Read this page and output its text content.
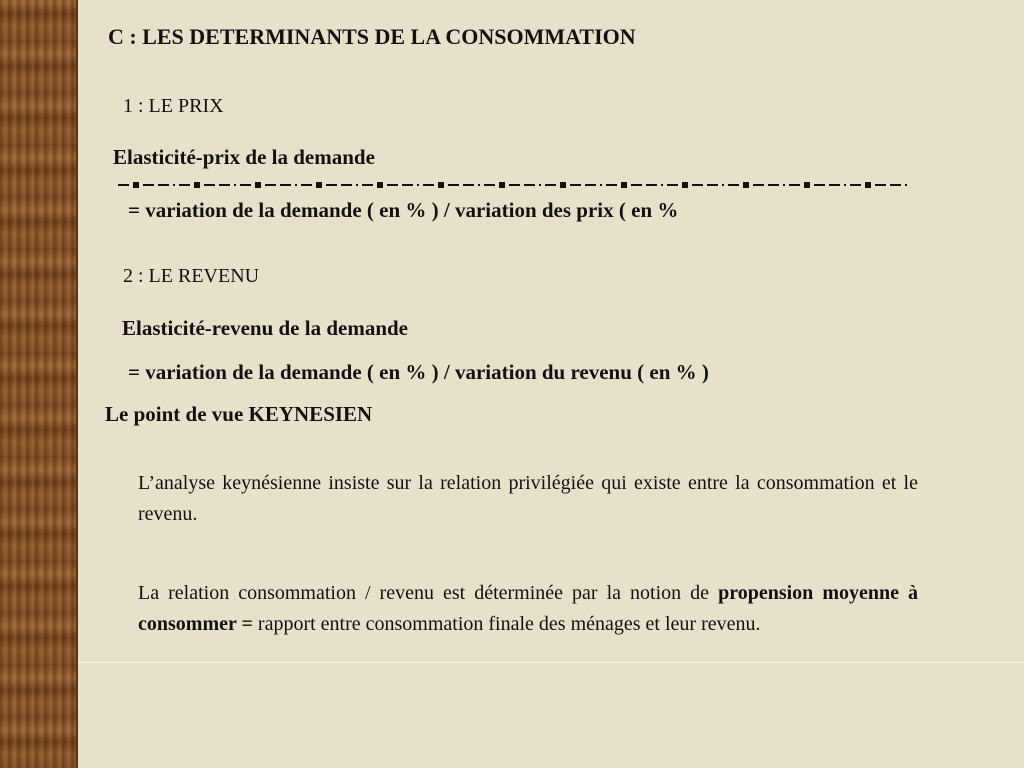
C : LES DETERMINANTS DE LA CONSOMMATION
1 : LE PRIX
Elasticité-prix de la demande
= variation de la demande ( en % ) / variation des prix ( en %
2 : LE REVENU
Elasticité-revenu de la demande
= variation de la demande ( en % ) / variation du revenu ( en % )
Le point de vue KEYNESIEN
L’analyse keynésienne insiste sur la relation privilégiée qui existe entre la consommation et le revenu.
La relation consommation / revenu est déterminée par la notion de propension moyenne à consommer = rapport entre consommation finale des ménages et leur revenu.
